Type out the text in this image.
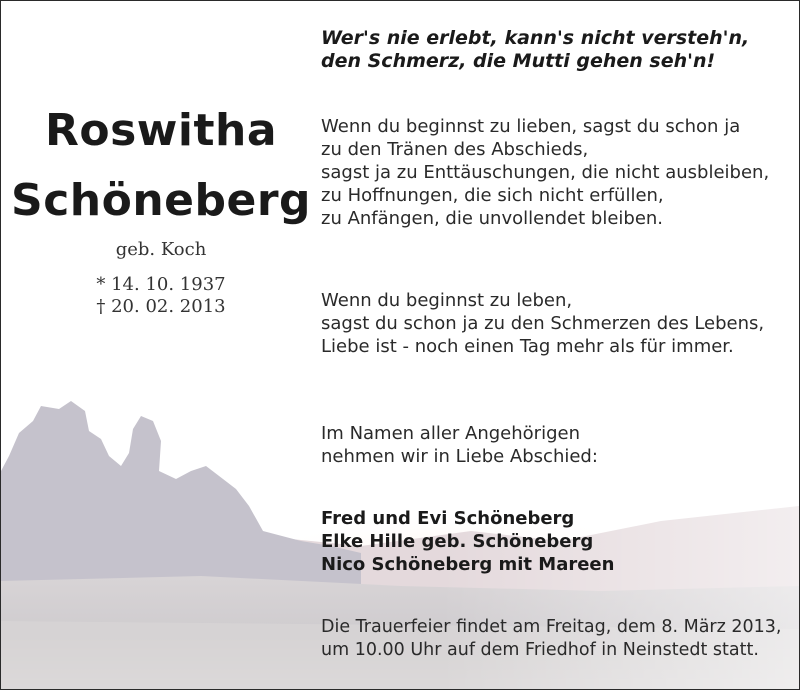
Roswitha
Schöneberg
geb. Koch
* 14. 10. 1937
† 20. 02. 2013
Wer's nie erlebt, kann's nicht versteh'n,
den Schmerz, die Mutti gehen seh'n!
Wenn du beginnst zu lieben, sagst du schon ja
zu den Tränen des Abschieds,
sagst ja zu Enttäuschungen, die nicht ausbleiben,
zu Hoffnungen, die sich nicht erfüllen,
zu Anfängen, die unvollendet bleiben.
Wenn du beginnst zu leben,
sagst du schon ja zu den Schmerzen des Lebens,
Liebe ist - noch einen Tag mehr als für immer.
Im Namen aller Angehörigen
nehmen wir in Liebe Abschied:
Fred und Evi Schöneberg
Elke Hille geb. Schöneberg
Nico Schöneberg mit Mareen
Die Trauerfeier findet am Freitag, dem 8. März 2013,
um 10.00 Uhr auf dem Friedhof in Neinstedt statt.
